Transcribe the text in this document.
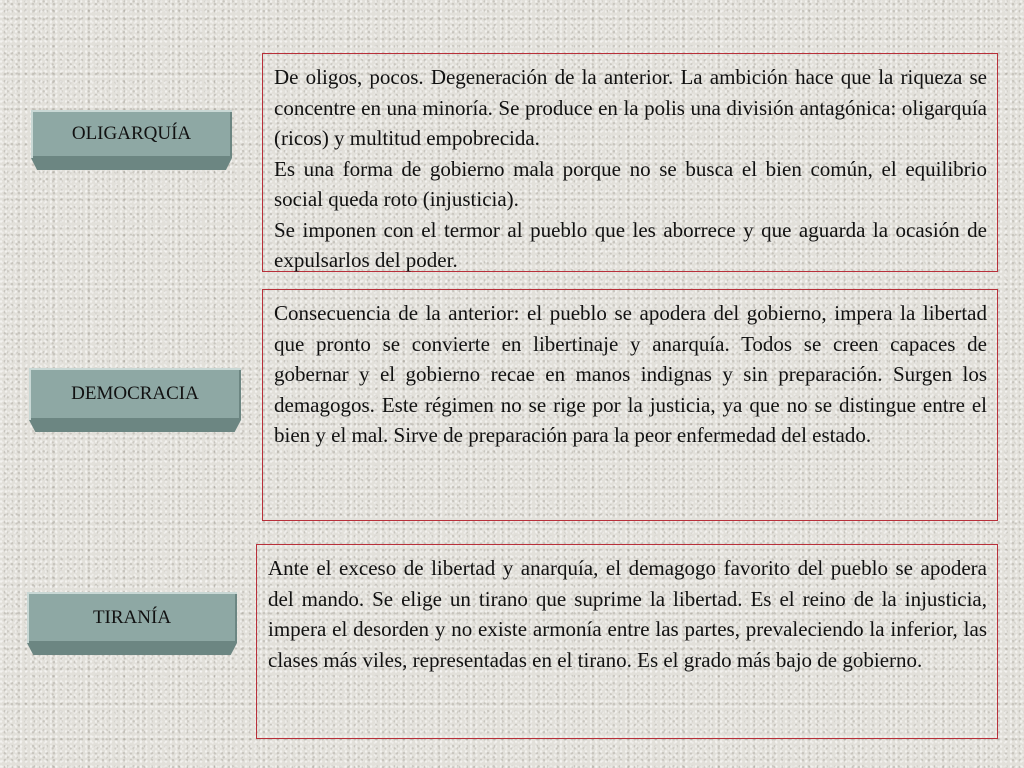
OLIGARQUÍA

De oligos, pocos. Degeneración de la anterior. La ambición hace que la riqueza se concentre en una minoría. Se produce en la polis una división antagónica: oligarquía (ricos) y multitud empobrecida.

Es una forma de gobierno mala porque no se busca el bien común, el equilibrio social queda roto (injusticia).

Se imponen con el termor al pueblo que les aborrece y que aguarda la ocasión de expulsarlos del poder.

DEMOCRACIA

Consecuencia de la anterior: el pueblo se apodera del gobierno, impera la libertad que pronto se convierte en libertinaje y anarquía. Todos se creen capaces de gobernar y el gobierno recae en manos indignas y sin preparación. Surgen los demagogos. Este régimen no se rige por la justicia, ya que no se distingue entre el bien y el mal. Sirve de preparación para la peor enfermedad del estado.

TIRANÍA

Ante el exceso de libertad y anarquía, el demagogo favorito del pueblo se apodera del mando. Se elige un tirano que suprime la libertad. Es el reino de la injusticia, impera el desorden y no existe armonía entre las partes, prevaleciendo la inferior, las clases más viles, representadas en el tirano. Es el grado más bajo de gobierno.
